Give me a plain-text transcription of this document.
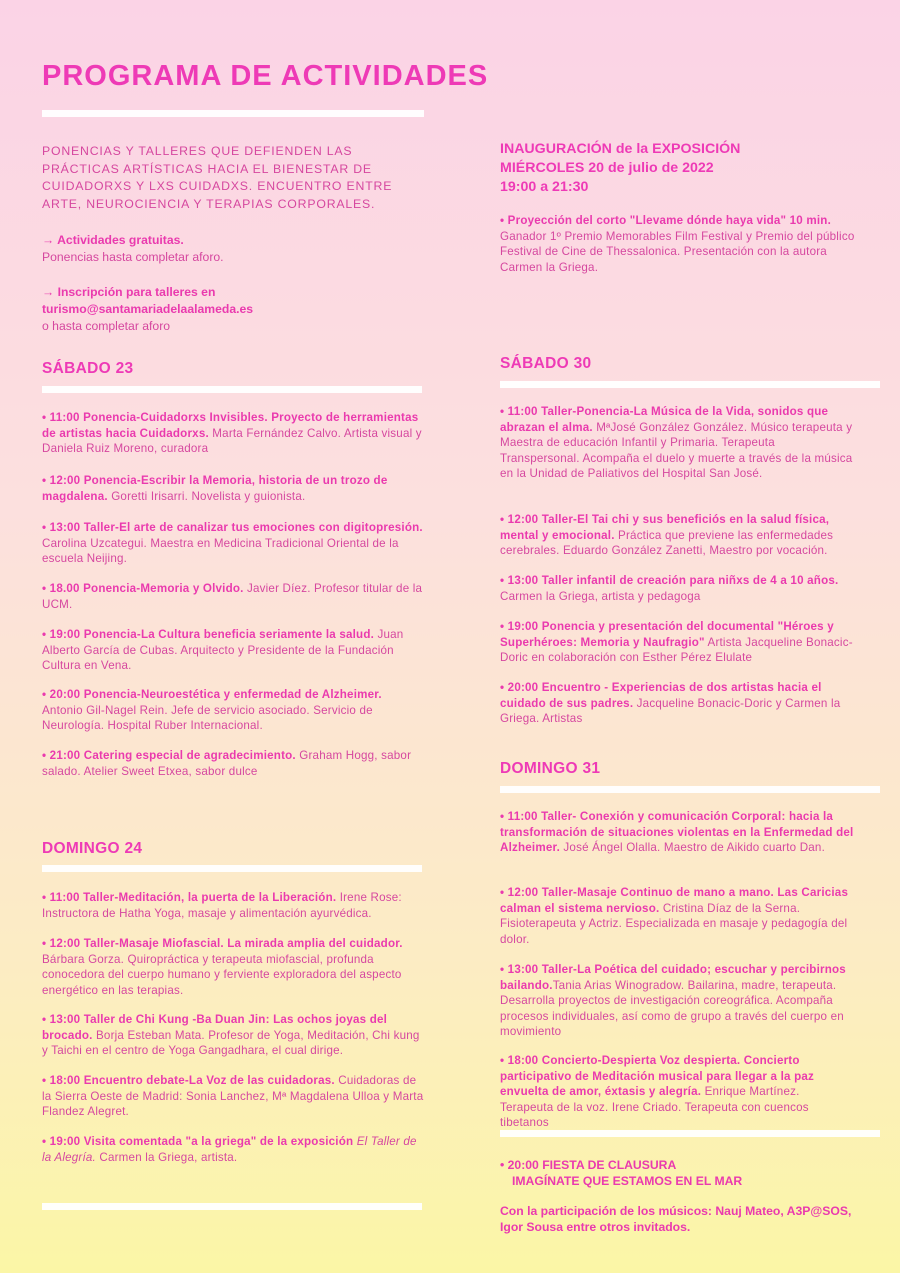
PROGRAMA DE ACTIVIDADES
PONENCIAS Y TALLERES QUE DEFIENDEN LAS PRÁCTICAS ARTÍSTICAS HACIA EL BIENESTAR DE CUIDADORXS Y LXS CUIDADXS. ENCUENTRO ENTRE ARTE, NEUROCIENCIA Y TERAPIAS CORPORALES.
→ Actividades gratuitas.
Ponencias hasta completar aforo.
→ Inscripción para talleres en
turismo@santamariadelaalameda.es
o hasta completar aforo
SÁBADO 23
• 11:00 Ponencia-Cuidadorxs Invisibles. Proyecto de herramientas de artistas hacia Cuidadorxs. Marta Fernández Calvo. Artista visual y Daniela Ruiz Moreno, curadora
• 12:00 Ponencia-Escribir la Memoria, historia de un trozo de magdalena. Goretti Irisarri. Novelista y guionista.
• 13:00 Taller-El arte de canalizar tus emociones con digitopresión. Carolina Uzcategui. Maestra en Medicina Tradicional Oriental de la escuela Neijing.
• 18.00 Ponencia-Memoria y Olvido. Javier Díez. Profesor titular de la UCM.
• 19:00 Ponencia-La Cultura beneficia seriamente la salud. Juan Alberto García de Cubas. Arquitecto y Presidente de la Fundación Cultura en Vena.
• 20:00 Ponencia-Neuroestética y enfermedad de Alzheimer. Antonio Gil-Nagel Rein. Jefe de servicio asociado. Servicio de Neurología. Hospital Ruber Internacional.
• 21:00 Catering especial de agradecimiento. Graham Hogg, sabor salado. Atelier Sweet Etxea, sabor dulce
DOMINGO 24
• 11:00 Taller-Meditación, la puerta de la Liberación. Irene Rose: Instructora de Hatha Yoga, masaje y alimentación ayurvédica.
• 12:00 Taller-Masaje Miofascial. La mirada amplia del cuidador. Bárbara Gorza. Quiropráctica y terapeuta miofascial, profunda conocedora del cuerpo humano y ferviente exploradora del aspecto energético en las terapias.
• 13:00 Taller de Chi Kung -Ba Duan Jin: Las ochos joyas del brocado. Borja Esteban Mata. Profesor de Yoga, Meditación, Chi kung y Taichi en el centro de Yoga Gangadhara, el cual dirige.
• 18:00 Encuentro debate-La Voz de las cuidadoras. Cuidadoras de la Sierra Oeste de Madrid: Sonia Lanchez, Mª Magdalena Ulloa y Marta Flandez Alegret.
• 19:00 Visita comentada "a la griega" de la exposición El Taller de la Alegría. Carmen la Griega, artista.
INAUGURACIÓN de la EXPOSICIÓN
MIÉRCOLES 20 de julio de 2022
19:00 a 21:30
• Proyección del corto "Llevame dónde haya vida" 10 min. Ganador 1º Premio Memorables Film Festival y Premio del público Festival de Cine de Thessalonica. Presentación con la autora Carmen la Griega.
SÁBADO 30
• 11:00 Taller-Ponencia-La Música de la Vida, sonidos que abrazan el alma. MªJosé González González. Músico terapeuta y Maestra de educación Infantil y Primaria. Terapeuta Transpersonal. Acompaña el duelo y muerte a través de la música en la Unidad de Paliativos del Hospital San José.
• 12:00 Taller-El Tai chi y sus beneficiós en la salud física, mental y emocional. Práctica que previene las enfermedades cerebrales. Eduardo González Zanetti, Maestro por vocación.
• 13:00 Taller infantil de creación para niñxs de 4 a 10 años. Carmen la Griega, artista y pedagoga
• 19:00 Ponencia y presentación del documental "Héroes y Superhéroes: Memoria y Naufragio" Artista Jacqueline Bonacic-Doric en colaboración con Esther Pérez Elulate
• 20:00 Encuentro - Experiencias de dos artistas hacia el cuidado de sus padres. Jacqueline Bonacic-Doric y Carmen la Griega. Artistas
DOMINGO 31
• 11:00 Taller- Conexión y comunicación Corporal: hacia la transformación de situaciones violentas en la Enfermedad del Alzheimer. José Ángel Olalla. Maestro de Aikido cuarto Dan.
• 12:00 Taller-Masaje Continuo de mano a mano. Las Caricias calman el sistema nervioso. Cristina Díaz de la Serna. Fisioterapeuta y Actriz. Especializada en masaje y pedagogía del dolor.
• 13:00 Taller-La Poética del cuidado; escuchar y percibirnos bailando.Tania Arias Winogradow. Bailarina, madre, terapeuta. Desarrolla proyectos de investigación coreográfica. Acompaña procesos individuales, así como de grupo a través del cuerpo en movimiento
• 18:00 Concierto-Despierta Voz despierta. Concierto participativo de Meditación musical para llegar a la paz envuelta de amor, éxtasis y alegría. Enrique Martínez. Terapeuta de la voz. Irene Criado. Terapeuta con cuencos tibetanos
• 20:00 FIESTA DE CLAUSURA
IMAGÍNATE QUE ESTAMOS EN EL MAR
Con la participación de los músicos: Nauj Mateo, A3P@SOS, Igor Sousa entre otros invitados.
